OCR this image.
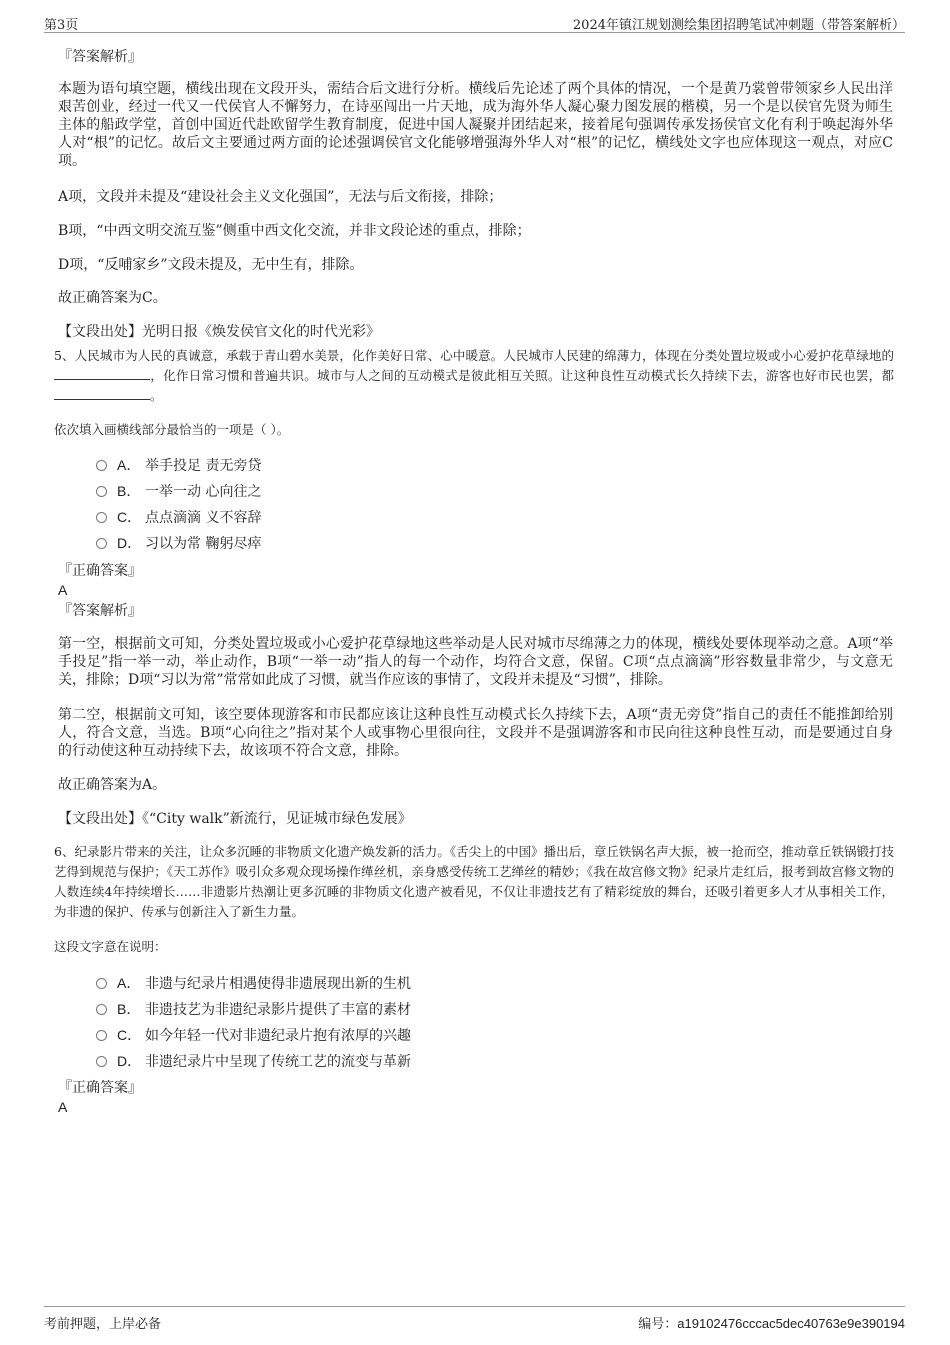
第3页	2024年镇江规划测绘集团招聘笔试冲刺题（带答案解析）
『答案解析』
本题为语句填空题，横线出现在文段开头，需结合后文进行分析。横线后先论述了两个具体的情况，一个是黄乃裳曾带领家乡人民出洋艰苦创业，经过一代又一代侯官人不懈努力，在诗巫闯出一片天地，成为海外华人凝心聚力图发展的楷模，另一个是以侯官先贤为师生主体的船政学堂，首创中国近代赴欧留学生教育制度，促进中国人凝聚并团结起来，接着尾句强调传承发扬侯官文化有利于唤起海外华人对“根”的记忆。故后文主要通过两方面的论述强调侯官文化能够增强海外华人对“根”的记忆，横线处文字也应体现这一观点，对应C项。
A项，文段并未提及“建设社会主义文化强国”，无法与后文衔接，排除；
B项，“中西文明交流互鉴”侧重中西文化交流，并非文段论述的重点，排除；
D项，“反哺家乡”文段未提及，无中生有，排除。
故正确答案为C。
【文段出处】光明日报《焕发侯官文化的时代光彩》
5、人民城市为人民的真诚意，承载于青山碧水美景，化作美好日常、心中暖意。人民城市人民建的绵薄力，体现在分类处置垃圾或小心爱护花草绿地的，化作日常习惯和普遍共识。城市与人之间的互动模式是彼此相互关照。让这种良性互动模式长久持续下去，游客也好市民也罢，都。
依次填入画横线部分最恰当的一项是（ ）。
A． 举手投足 责无旁贷
B． 一举一动 心向往之
C． 点点滴滴 义不容辞
D． 习以为常 鞠躬尽瘁
『正确答案』
A
『答案解析』
第一空，根据前文可知，分类处置垃圾或小心爱护花草绿地这些举动是人民对城市尽绵薄之力的体现，横线处要体现举动之意。A项“举手投足”指一举一动，举止动作，B项“一举一动”指人的每一个动作，均符合文意，保留。C项“点点滴滴”形容数量非常少，与文意无关，排除；D项“习以为常”常常如此成了习惯，就当作应该的事情了，文段并未提及“习惯”，排除。
第二空，根据前文可知，该空要体现游客和市民都应该让这种良性互动模式长久持续下去，A项“责无旁贷”指自己的责任不能推卸给别人，符合文意，当选。B项“心向往之”指对某个人或事物心里很向往，文段并不是强调游客和市民向往这种良性互动，而是要通过自身的行动使这种互动持续下去，故该项不符合文意，排除。
故正确答案为A。
【文段出处】《“City walk”新流行，见证城市绿色发展》
6、纪录影片带来的关注，让众多沉睡的非物质文化遗产焕发新的活力。《舌尖上的中国》播出后，章丘铁锅名声大振，被一抢而空，推动章丘铁锅锻打技艺得到规范与保护；《天工苏作》吸引众多观众现场操作缂丝机，亲身感受传统工艺缂丝的精妙；《我在故宫修文物》纪录片走红后，报考到故宫修文物的人数连续4年持续增长……非遗影片热潮让更多沉睡的非物质文化遗产被看见，不仅让非遗技艺有了精彩绽放的舞台，还吸引着更多人才从事相关工作，为非遗的保护、传承与创新注入了新生力量。
这段文字意在说明：
A． 非遗与纪录片相遇使得非遗展现出新的生机
B． 非遗技艺为非遗纪录影片提供了丰富的素材
C． 如今年轻一代对非遗纪录片抱有浓厚的兴趣
D． 非遗纪录片中呈现了传统工艺的流变与革新
『正确答案』
A
考前押题，上岸必备	编号：a19102476cccac5dec40763e9e390194
